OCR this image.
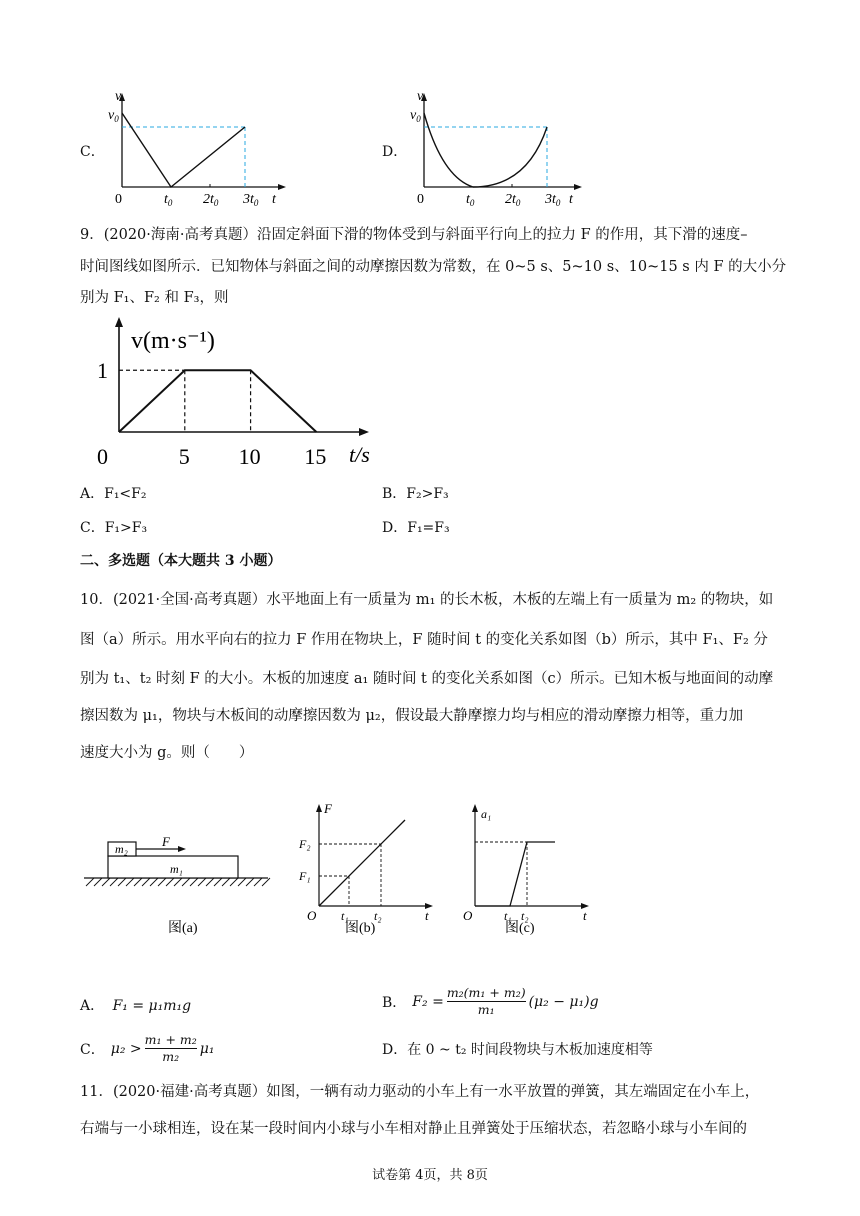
C．
v
$v_0$
0	$t_0$ $2t_0$ $3t_0$ t
D．
v
$v_0$
0	$t_0$ $2t_0$ $3t_0$ t
9．(2020·海南·高考真题）沿固定斜面下滑的物体受到与斜面平行向上的拉力 F 的作用，其下滑的速度–
时间图线如图所示．已知物体与斜面之间的动摩擦因数为常数，在 0~5 s、5~10 s、10~15 s 内 F 的大小分
别为 F₁、F₂ 和 F₃，则
v(m·s⁻¹)
t/s
0	5 10 15
1
A．F₁<F₂	B．F₂>F₃
C．F₁>F₃	D．F₁=F₃
二、多选题（本大题共 3 小题）
10．(2021·全国·高考真题）水平地面上有一质量为 m₁ 的长木板，木板的左端上有一质量为 m₂ 的物块，如
图（a）所示。用水平向右的拉力 F 作用在物块上，F 随时间 t 的变化关系如图（b）所示，其中 F₁、F₂ 分
别为 t₁、t₂ 时刻 F 的大小。木板的加速度 a₁ 随时间 t 的变化关系如图（c）所示。已知木板与地面间的动摩
擦因数为 μ₁，物块与木板间的动摩擦因数为 μ₂，假设最大静摩擦力均与相应的滑动摩擦力相等，重力加
速度大小为 g。则（　　）
m₂	F
m₁
图(a)
F
F₂
F₁
O t₁ t₂	t
图(b)
a₁
O	t₁ t₂	t
图(c)
A． F₁ = μ₁m₁g	B． $F_2 = \frac{\text{m₂(m₁ + m₂)}}{\text{m₁}} (\mu_2 - \mu_1)g$
C． μ₂ >
m₁ + m₂
m₂	μ₁	D．在 0 ~ t₂ 时间段物块与木板加速度相等
11．(2020·福建·高考真题）如图，一辆有动力驱动的小车上有一水平放置的弹簧，其左端固定在小车上，
右端与一小球相连，设在某一段时间内小球与小车相对静止且弹簧处于压缩状态，若忽略小球与小车间的
试卷第 4页，共 8页
